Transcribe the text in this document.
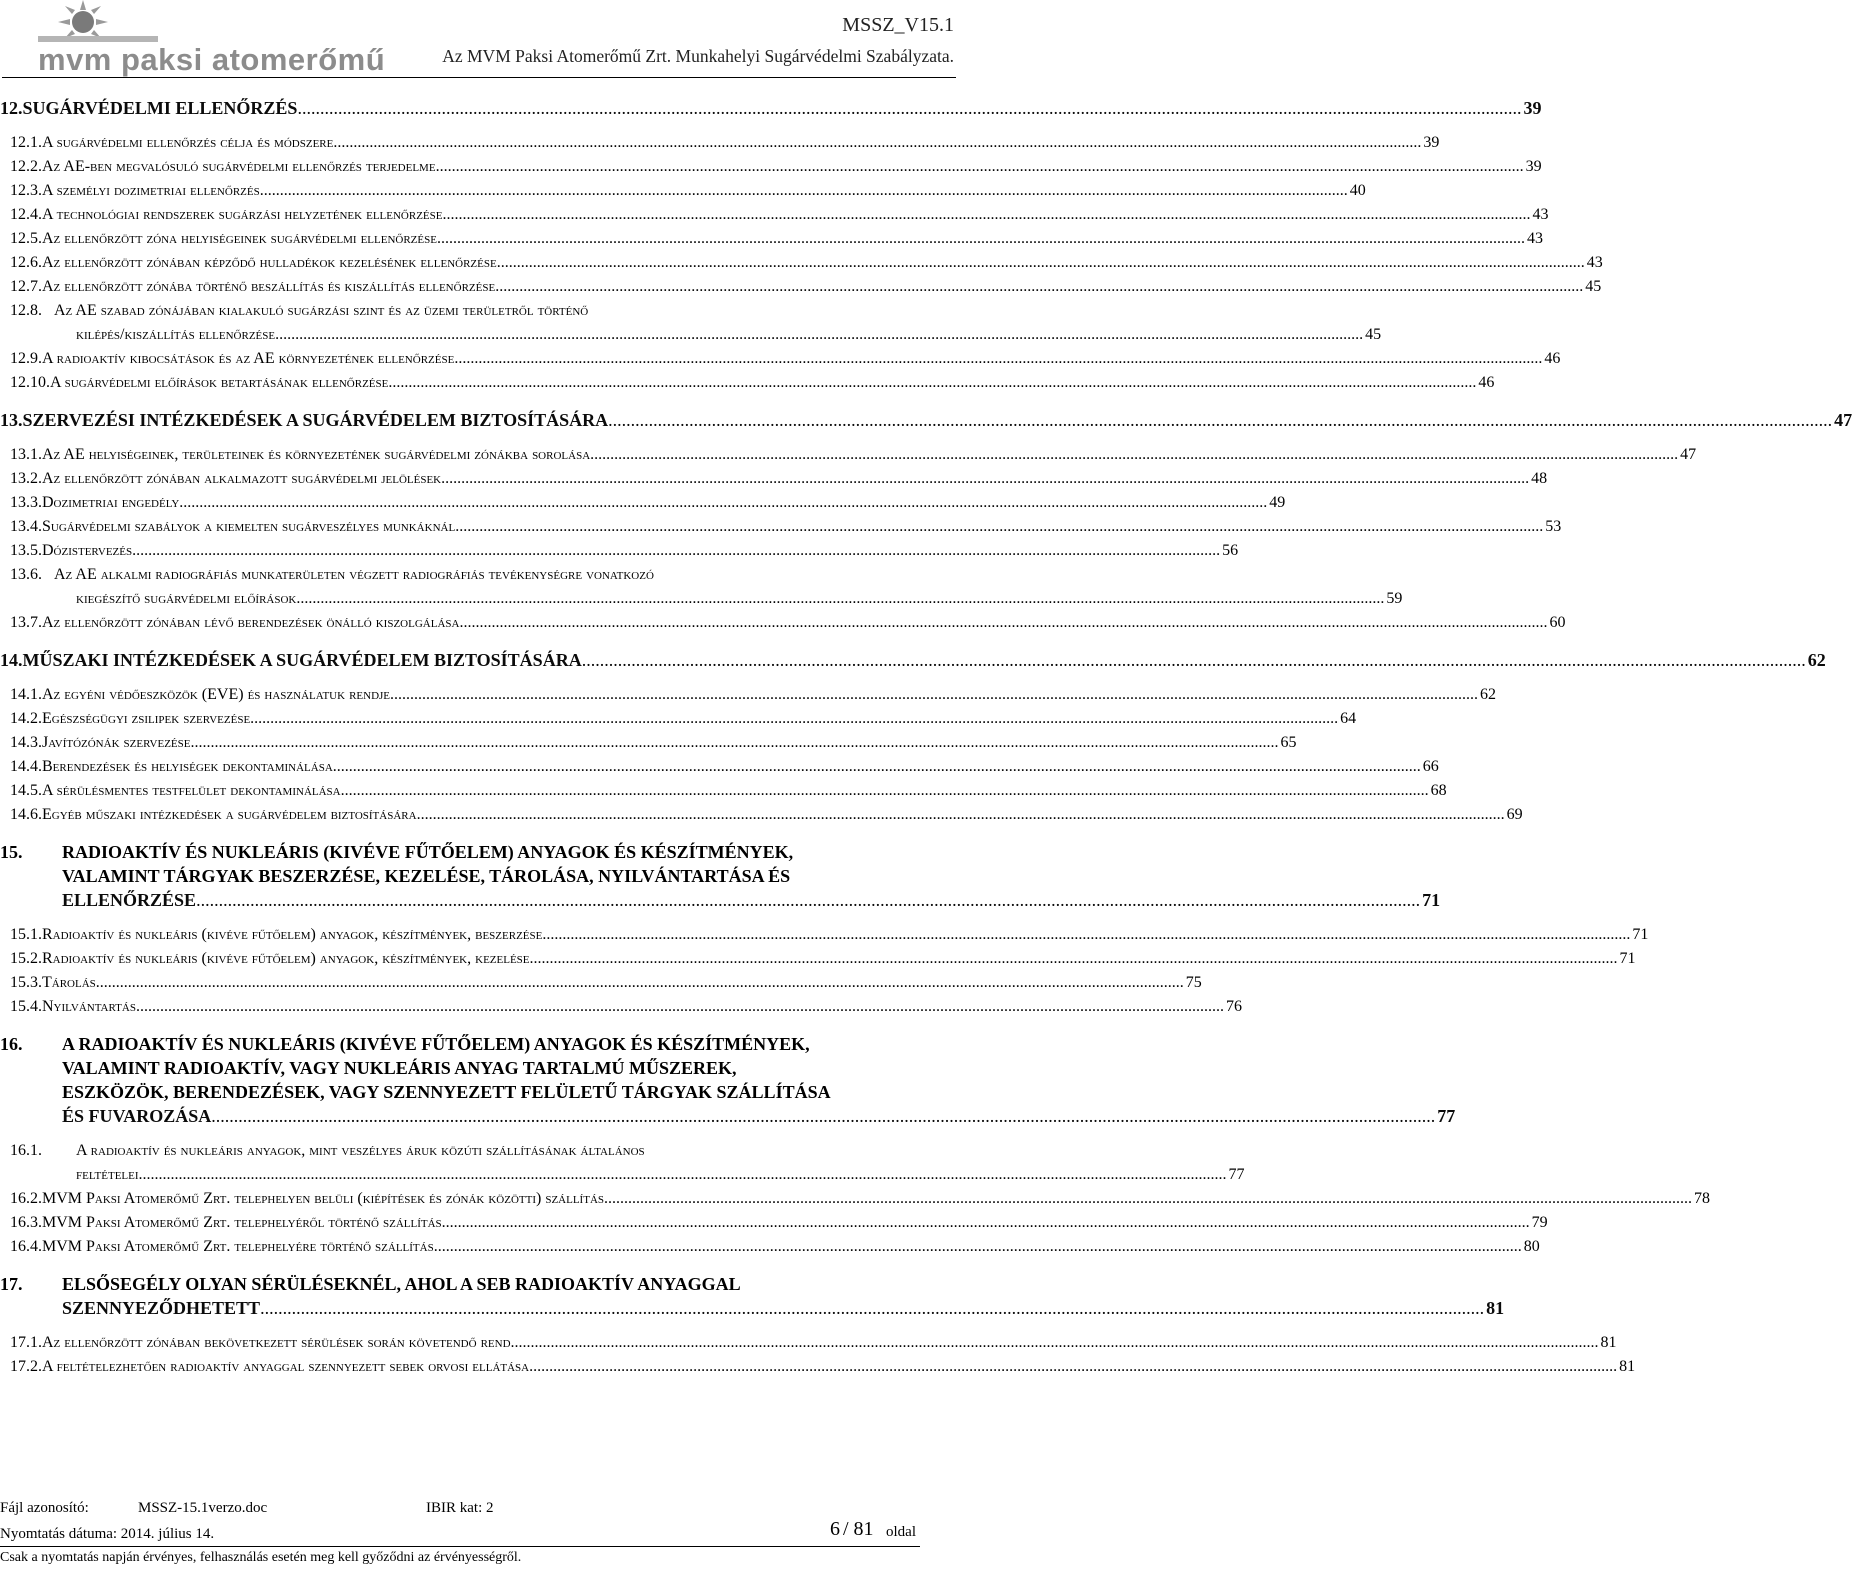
mvm paksi atomerőmű
MSSZ_V15.1
Az MVM Paksi Atomerőmű Zrt. Munkahelyi Sugárvédelmi Szabályzata.
12. SUGÁRVÉDELMI ELLENŐRZÉS .....	39
12.1. A sugárvédelmi ellenőrzés célja és módszere .....	39
12.2. Az AE-ben megvalósuló sugárvédelmi ellenőrzés terjedelme .....	39
12.3. A személyi dozimetriai ellenőrzés .....	40
12.4. A technológiai rendszerek sugárzási helyzetének ellenőrzése .....	43
12.5. Az ellenőrzött zóna helyiségeinek sugárvédelmi ellenőrzése .....	43
12.6. Az ellenőrzött zónában képződő hulladékok kezelésének ellenőrzése .....	43
12.7. Az ellenőrzött zónába történő beszállítás és kiszállítás ellenőrzése .....	45
12.8. Az AE szabad zónájában kialakuló sugárzási szint és az üzemi területről történő
kilépés/kiszállítás ellenőrzése .....	45
12.9. A radioaktív kibocsátások és az AE környezetének ellenőrzése .....	46
12.10. A sugárvédelmi előírások betartásának ellenőrzése .....	46
13. SZERVEZÉSI INTÉZKEDÉSEK A SUGÁRVÉDELEM BIZTOSÍTÁSÁRA .....	47
13.1. Az AE helyiségeinek, területeinek és környezetének sugárvédelmi zónákba sorolása .....	47
13.2. Az ellenőrzött zónában alkalmazott sugárvédelmi jelölések .....	48
13.3. Dozimetriai engedély .....	49
13.4. Sugárvédelmi szabályok a kiemelten sugárveszélyes munkáknál .....	53
13.5. Dózistervezés .....	56
13.6. Az AE alkalmi radiográfiás munkaterületen végzett radiográfiás tevékenységre vonatkozó
kiegészítő sugárvédelmi előírások .....	59
13.7. Az ellenőrzött zónában lévő berendezések önálló kiszolgálása .....	60
14. MŰSZAKI INTÉZKEDÉSEK A SUGÁRVÉDELEM BIZTOSÍTÁSÁRA .....	62
14.1. Az egyéni védőeszközök (EVE) és használatuk rendje .....	62
14.2. Egészségügyi zsilipek szervezése .....	64
14.3. Javítózónák szervezése .....	65
14.4. Berendezések és helyiségek dekontaminálása .....	66
14.5. A sérülésmentes testfelület dekontaminálása .....	68
14.6. Egyéb műszaki intézkedések a sugárvédelem biztosítására .....	69
15. RADIOAKTÍV ÉS NUKLEÁRIS (KIVÉVE FŰTŐELEM) ANYAGOK ÉS KÉSZÍTMÉNYEK,
VALAMINT TÁRGYAK BESZERZÉSE, KEZELÉSE, TÁROLÁSA, NYILVÁNTARTÁSA ÉS
ELLENŐRZÉSE .....	71
15.1. Radioaktív és nukleáris (kivéve fűtőelem) anyagok, készítmények, beszerzése .....	71
15.2. Radioaktív és nukleáris (kivéve fűtőelem) anyagok, készítmények, kezelése .....	71
15.3. Tárolás .....	75
15.4. Nyilvántartás .....	76
16. A RADIOAKTÍV ÉS NUKLEÁRIS (KIVÉVE FŰTŐELEM) ANYAGOK ÉS KÉSZÍTMÉNYEK,
VALAMINT RADIOAKTÍV, VAGY NUKLEÁRIS ANYAG TARTALMÚ MŰSZEREK,
ESZKÖZÖK, BERENDEZÉSEK, VAGY SZENNYEZETT FELÜLETŰ TÁRGYAK SZÁLLÍTÁSA
ÉS FUVAROZÁSA .....	77
16.1. A radioaktív és nukleáris anyagok, mint veszélyes áruk közúti szállításának általános
feltételei .....	77
16.2. MVM Paksi Atomerőmű Zrt. telephelyen belüli (kiépítések és zónák közötti) szállítás .....	78
16.3. MVM Paksi Atomerőmű Zrt. telephelyéről történő szállítás .....	79
16.4. MVM Paksi Atomerőmű Zrt. telephelyére történő szállítás .....	80
17. ELSŐSEGÉLY OLYAN SÉRÜLÉSEKNÉL, AHOL A SEB RADIOAKTÍV ANYAGGAL
SZENNYEZŐDHETETT .....	81
17.1. Az ellenőrzött zónában bekövetkezett sérülések során követendő rend .....	81
17.2. A feltételezhetően radioaktív anyaggal szennyezett sebek orvosi ellátása .....	81
Fájl azonosító:	MSSZ-15.1verzo.doc	IBIR kat: 2
Nyomtatás dátuma: 2014. július 14.	6 / 81 oldal
Csak a nyomtatás napján érvényes, felhasználás esetén meg kell győződni az érvényességről.
